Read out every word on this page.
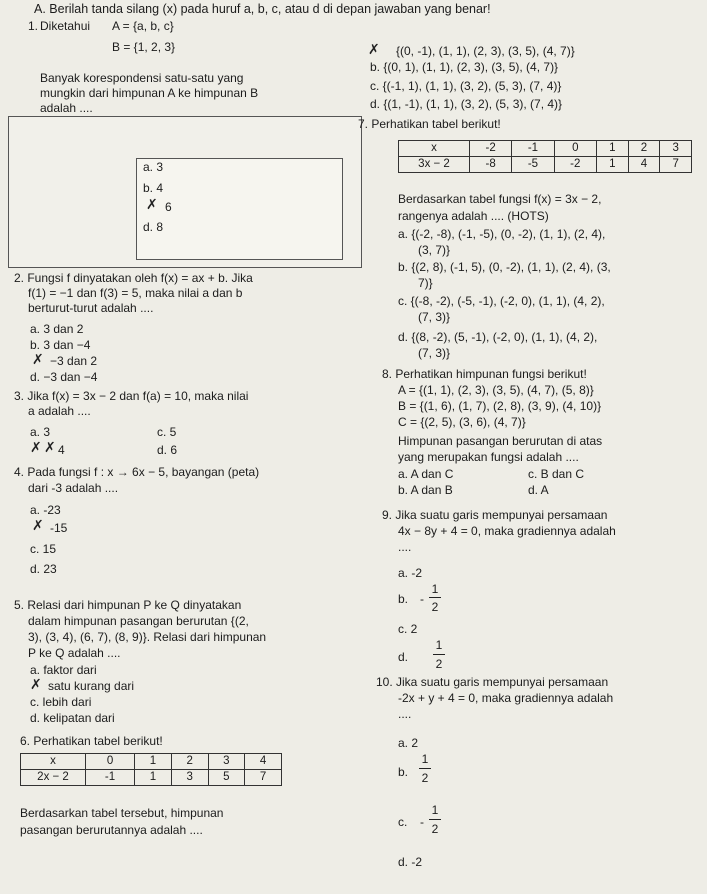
A. Berilah tanda silang (x) pada huruf a, b, c, atau d di depan jawaban yang benar!
1. Diketahui A = {a, b, c}
B = {1, 2, 3}
Banyak korespondensi satu-satu yang
mungkin dari himpunan A ke himpunan B
adalah ....
a. 3
b. 4
✗ 6
d. 8
2. Fungsi f dinyatakan oleh f(x) = ax + b. Jika
f(1) = −1 dan f(3) = 5, maka nilai a dan b
berturut-turut adalah ....
a. 3 dan 2
b. 3 dan −4
✗ −3 dan 2
d. −3 dan −4
3. Jika f(x) = 3x − 2 dan f(a) = 10, maka nilai
a adalah ....
a. 3
✗ ✗ 4
c. 5
d. 6
4. Pada fungsi f : x → 6x − 5, bayangan (peta)
dari -3 adalah ....
a. -23
✗ -15
c. 15
d. 23
5. Relasi dari himpunan P ke Q dinyatakan
dalam himpunan pasangan berurutan {(2,
3), (3, 4), (6, 7), (8, 9)}. Relasi dari himpunan
P ke Q adalah ....
a. faktor dari
✗ satu kurang dari
c. lebih dari
d. kelipatan dari
6. Perhatikan tabel berikut!
x	0	1	2	3	4
2x − 2	-1	1	3	5	7
Berdasarkan tabel tersebut, himpunan
pasangan berurutannya adalah ....
✗ {(0, -1), (1, 1), (2, 3), (3, 5), (4, 7)}
b. {(0, 1), (1, 1), (2, 3), (3, 5), (4, 7)}
c. {(-1, 1), (1, 1), (3, 2), (5, 3), (7, 4)}
d. {(1, -1), (1, 1), (3, 2), (5, 3), (7, 4)}
7. Perhatikan tabel berikut!
x	-2	-1	0	1	2	3
3x − 2	-8	-5	-2	1	4	7
Berdasarkan tabel fungsi f(x) = 3x − 2,
rangenya adalah .... (HOTS)
a. {(-2, -8), (-1, -5), (0, -2), (1, 1), (2, 4),
(3, 7)}
b. {(2, 8), (-1, 5), (0, -2), (1, 1), (2, 4), (3,
7)}
c. {(-8, -2), (-5, -1), (-2, 0), (1, 1), (4, 2),
(7, 3)}
d. {(8, -2), (5, -1), (-2, 0), (1, 1), (4, 2),
(7, 3)}
8. Perhatikan himpunan fungsi berikut!
A = {(1, 1), (2, 3), (3, 5), (4, 7), (5, 8)}
B = {(1, 6), (1, 7), (2, 8), (3, 9), (4, 10)}
C = {(2, 5), (3, 6), (4, 7)}
Himpunan pasangan berurutan di atas
yang merupakan fungsi adalah ....
a. A dan C	c. B dan C
b. A dan B	d. A
9. Jika suatu garis mempunyai persamaan
4x − 8y + 4 = 0, maka gradiennya adalah
....
a. -2
b. -
1
2
c. 2
d.
1
2
10. Jika suatu garis mempunyai persamaan
-2x + y + 4 = 0, maka gradiennya adalah
....
a. 2
b.
1
2
c. -
1
2
d. -2
